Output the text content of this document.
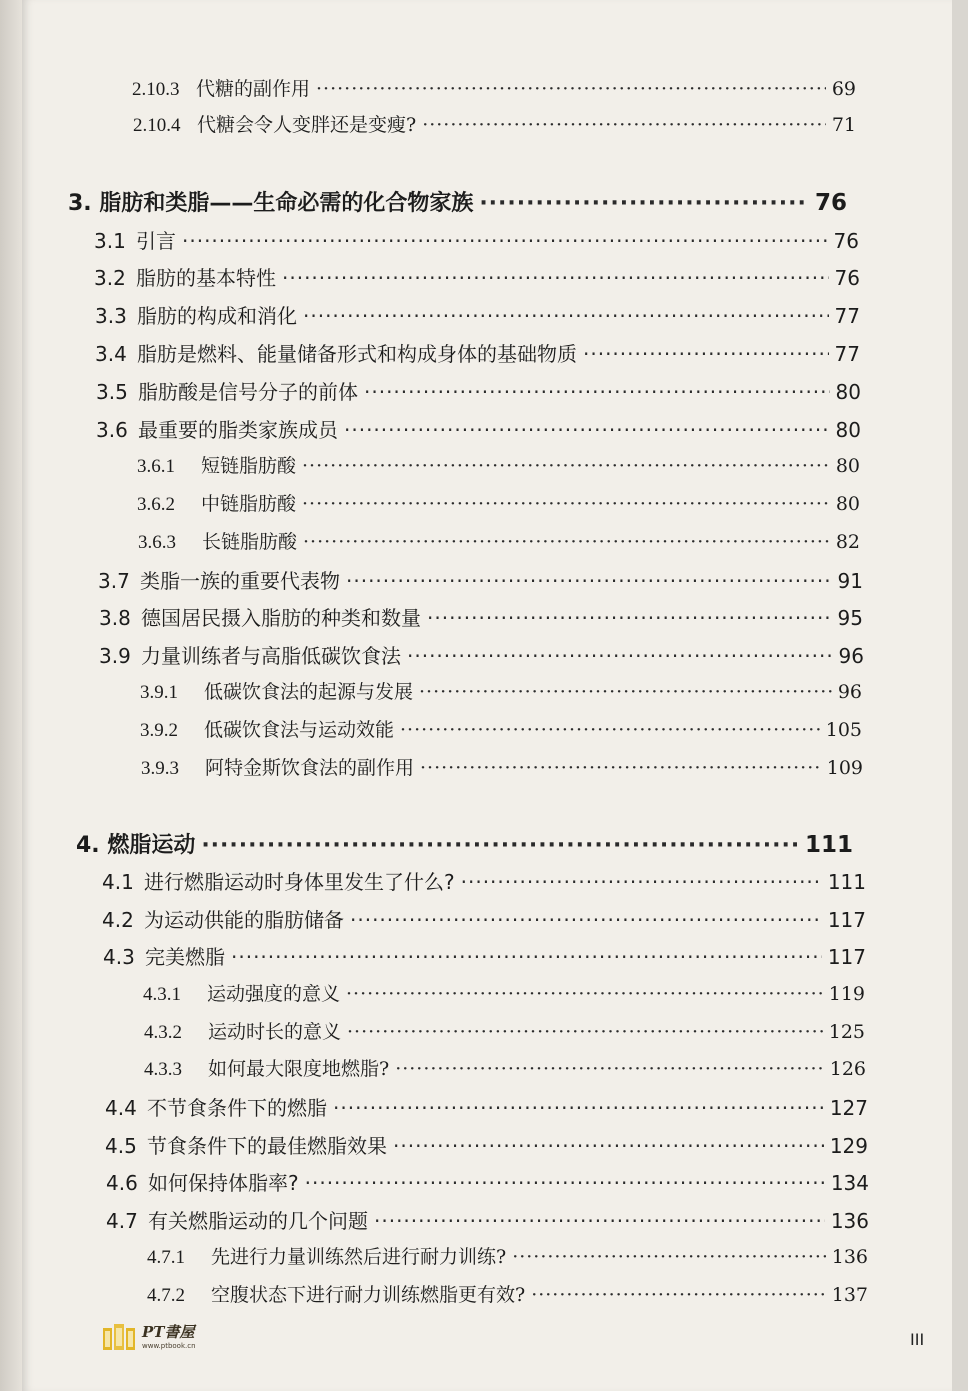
2.10.3 代糖的副作用 ·····	69
2.10.4 代糖会令人变胖还是变瘦? ·····	71
3. 脂肪和类脂——生命必需的化合物家族 ·····	76
3.1 引言 ·····	76
3.2 脂肪的基本特性 ·····	76
3.3 脂肪的构成和消化 ·····	77
3.4 脂肪是燃料、能量储备形式和构成身体的基础物质 ·····	77
3.5 脂肪酸是信号分子的前体 ·····	80
3.6 最重要的脂类家族成员 ·····	80
3.6.1	短链脂肪酸 ·····	80
3.6.2	中链脂肪酸 ·····	80
3.6.3	长链脂肪酸 ·····	82
3.7 类脂一族的重要代表物 ·····	91
3.8 德国居民摄入脂肪的种类和数量 ·····	95
3.9 力量训练者与高脂低碳饮食法 ·····	96
3.9.1	低碳饮食法的起源与发展 ·····	96
3.9.2	低碳饮食法与运动效能 ·····	105
3.9.3	阿特金斯饮食法的副作用 ·····	109
4. 燃脂运动 ·····	111
4.1 进行燃脂运动时身体里发生了什么? ·····	111
4.2 为运动供能的脂肪储备 ·····	117
4.3 完美燃脂 ·····	117
4.3.1	运动强度的意义 ·····	119
4.3.2	运动时长的意义 ·····	125
4.3.3	如何最大限度地燃脂? ·····	126
4.4 不节食条件下的燃脂 ·····	127
4.5 节食条件下的最佳燃脂效果 ·····	129
4.6 如何保持体脂率? ·····	134
4.7 有关燃脂运动的几个问题 ·····	136
4.7.1	先进行力量训练然后进行耐力训练? ·····	136
4.7.2	空腹状态下进行耐力训练燃脂更有效? ·····	137
PT書屋
www.ptbook.cn	III
